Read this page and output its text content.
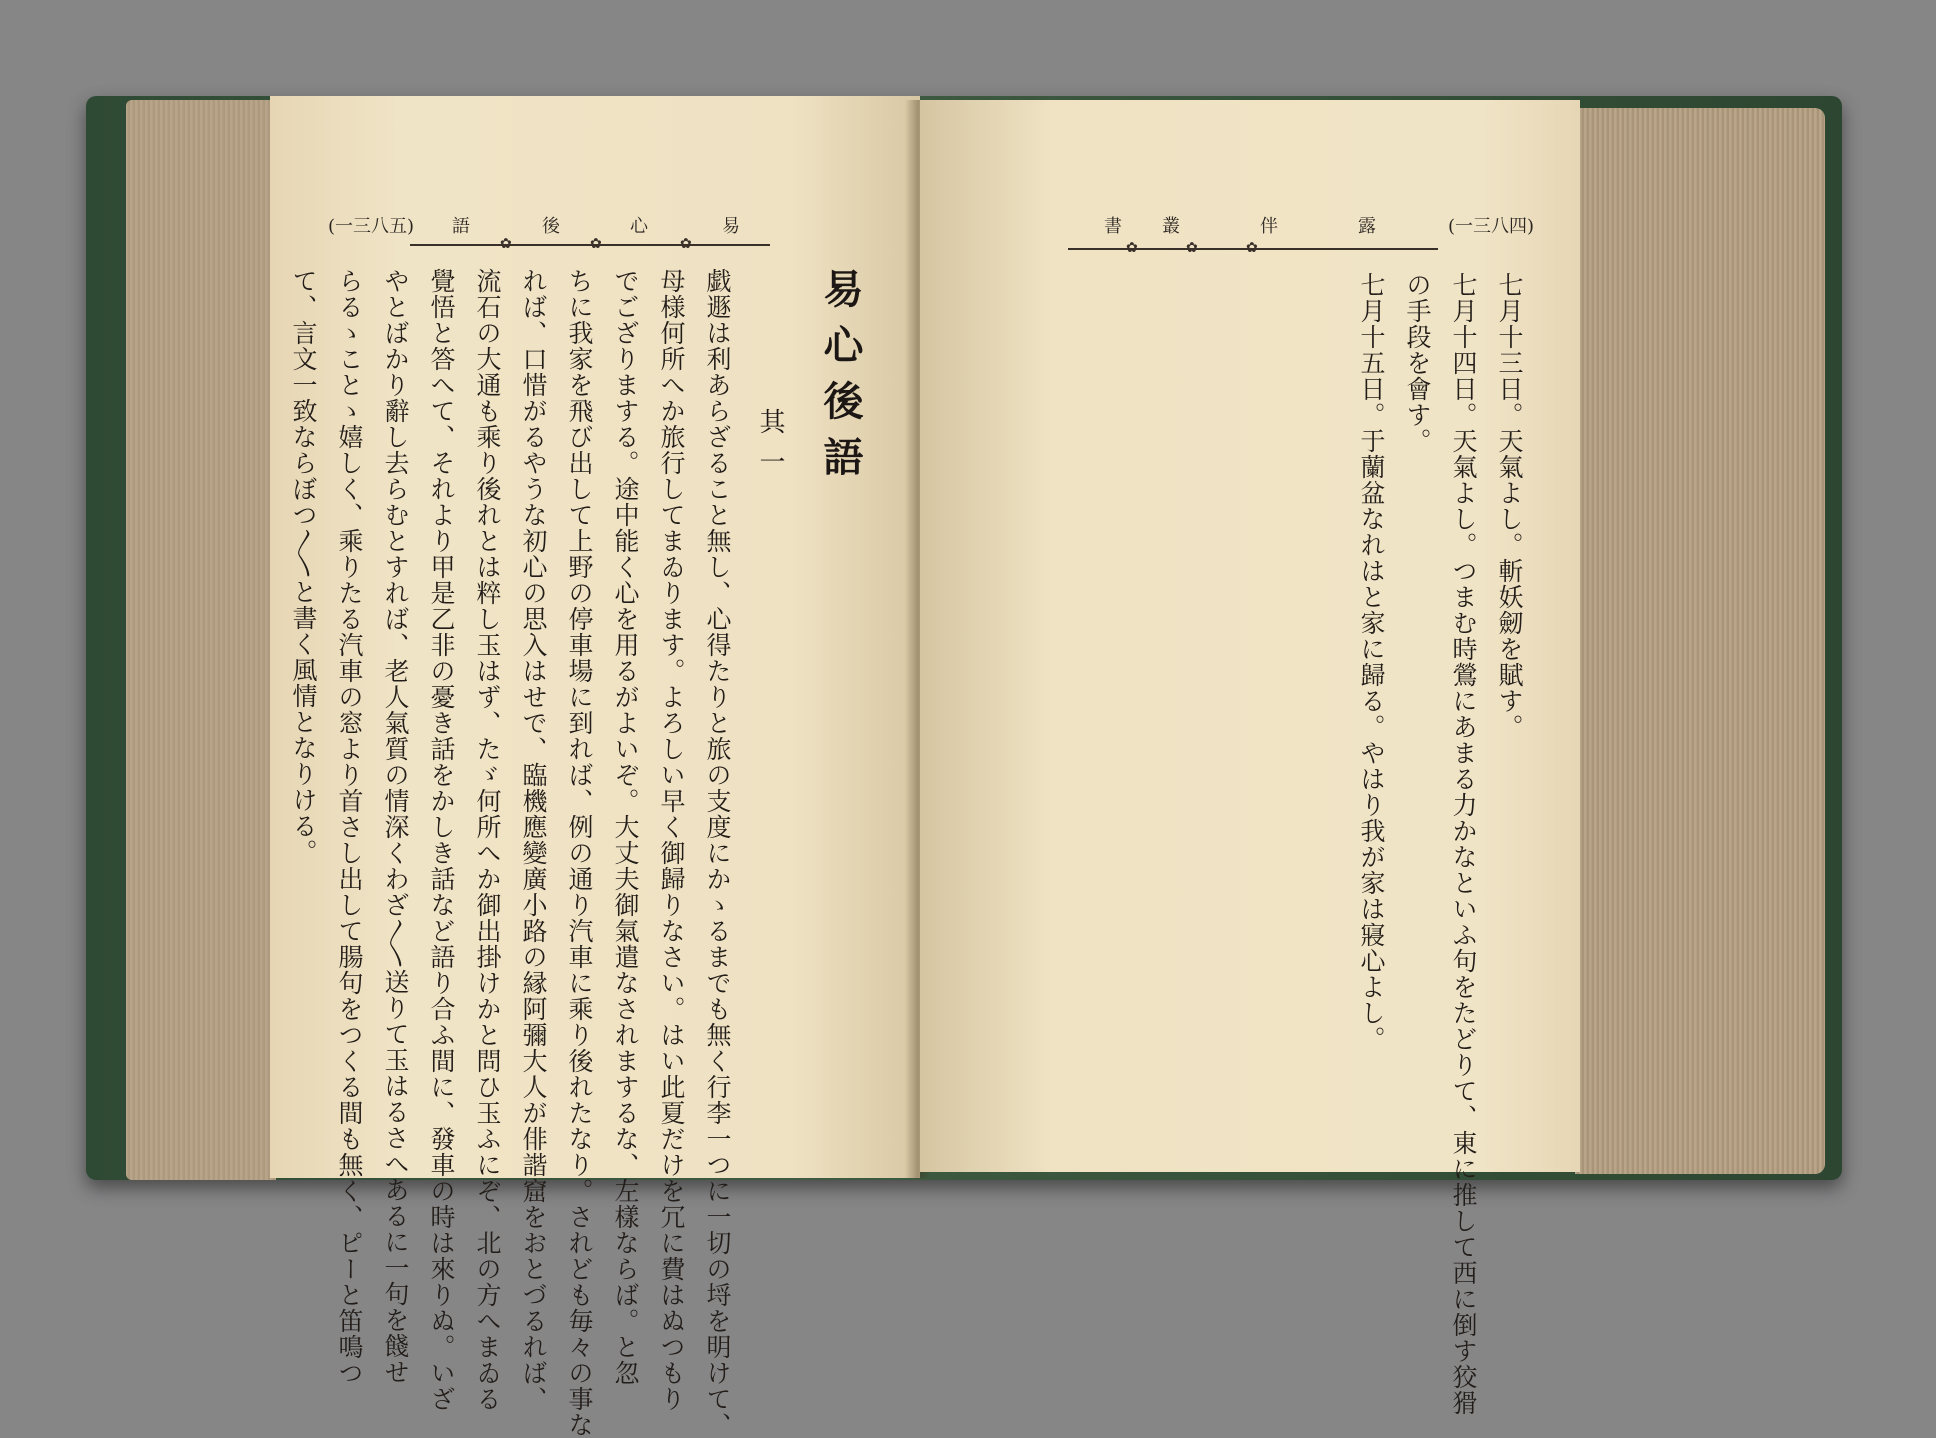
(一三八五) 語	後	心	易
✿	✿	✿
易心後語
其一
戯遯は利あらざること無し、心得たりと旅の支度にかゝるまでも無く行李一つに一切の埒を明けて、
母様何所へか旅行してまゐります。よろしい早く御歸りなさい。はい此夏だけを冗に費はぬつもり
でござりまする。途中能く心を用るがよいぞ。大丈夫御氣遣なされまするな、左樣ならば。と忽
ちに我家を飛び出して上野の停車場に到れば、例の通り汽車に乘り後れたなり。されども毎々の事な
れば、口惜がるやうな初心の思入はせで、臨機應變廣小路の縁阿彌大人が俳諧窟をおとづるれば、
流石の大通も乘り後れとは粹し玉はず、たゞ何所へか御出掛けかと問ひ玉ふにぞ、北の方へまゐる
覺悟と答へて、それより甲是乙非の憂き話をかしき話など語り合ふ間に、發車の時は來りぬ。いざ
やとばかり辭し去らむとすれば、老人氣質の情深くわざ〳〵送りて玉はるさへあるに一句を餞せ
らるゝことゝ嬉しく、乘りたる汽車の窓より首さし出して腸句をつくる間も無く、ピーと笛鳴つ
て、言文一致ならぼつ〳〵と書く風情となりける。

(一三八四)
露
伴
叢
書
✿	✿	✿
七月十三日。天氣よし。斬妖劒を賦す。
七月十四日。天氣よし。つまむ時鶯にあまる力かなといふ句をたどりて、東に推して西に倒す狡猾
の手段を會す。
七月十五日。于蘭盆なれはと家に歸る。やはり我が家は寢心よし。
